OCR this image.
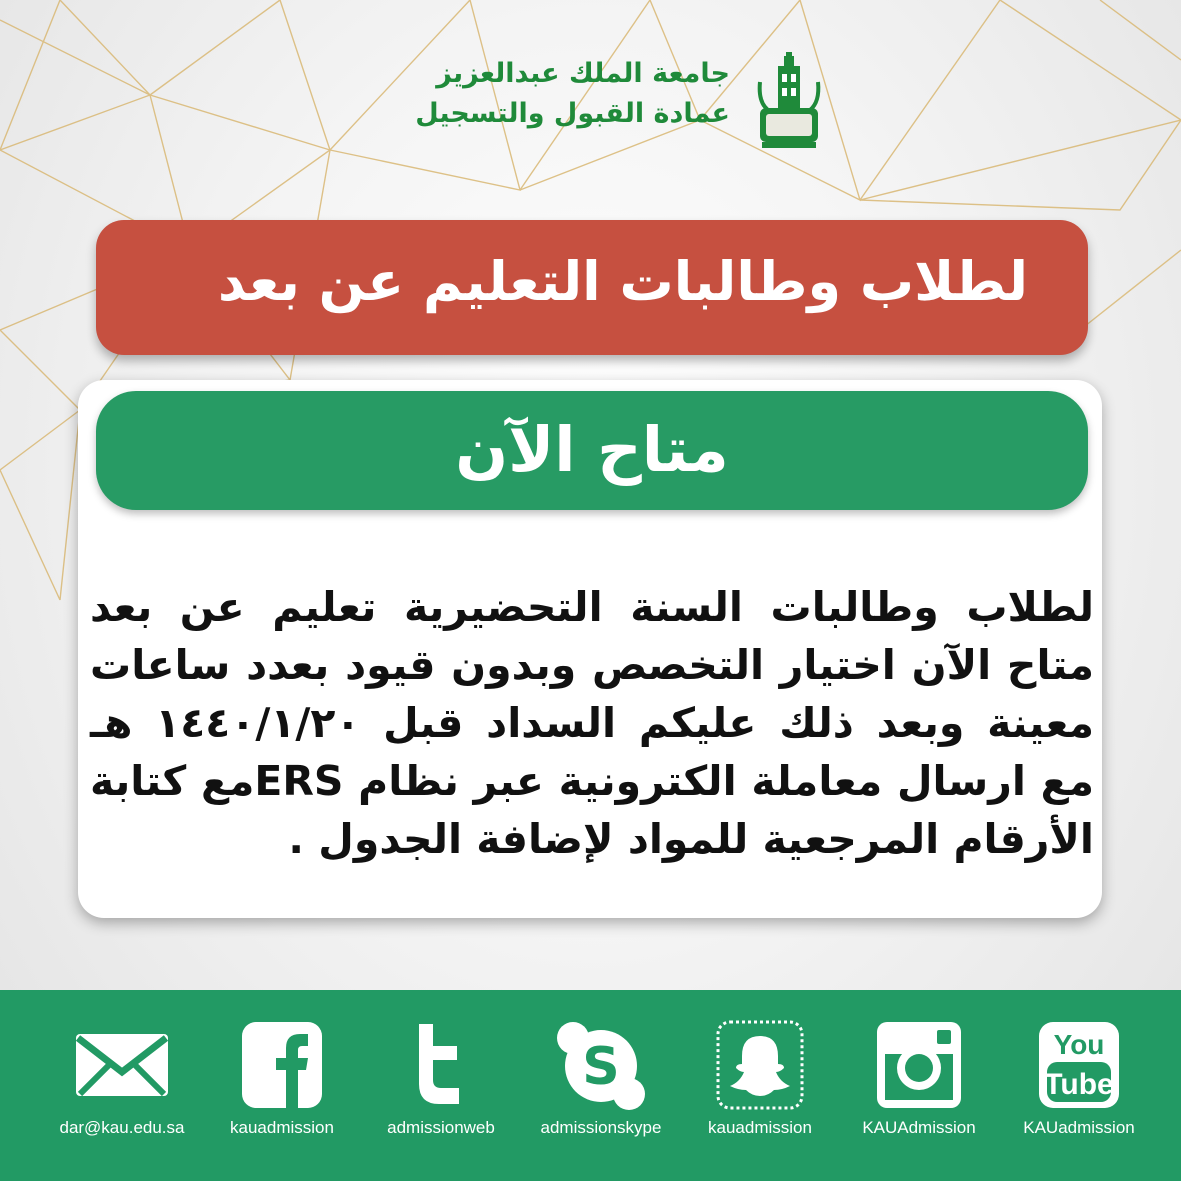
جامعة الملك عبدالعزيز
عمادة القبول والتسجيل
لطلاب وطالبات التعليم عن بعد
متاح الآن
لطلاب وطالبات السنة التحضيرية تعليم عن بعد
متاح الآن اختيار التخصص وبدون قيود بعدد ساعات
معينة وبعد ذلك عليكم السداد قبل ١٤٤٠/١/٢٠ هـ
مع ارسال معاملة الكترونية عبر نظام ERSمع كتابة
الأرقام المرجعية للمواد لإضافة الجدول .
dar@kau.edu.sa	kauadmission	admissionweb
S
admissionskype	kauadmission	KAUAdmission
You
Tube
KAUadmission
